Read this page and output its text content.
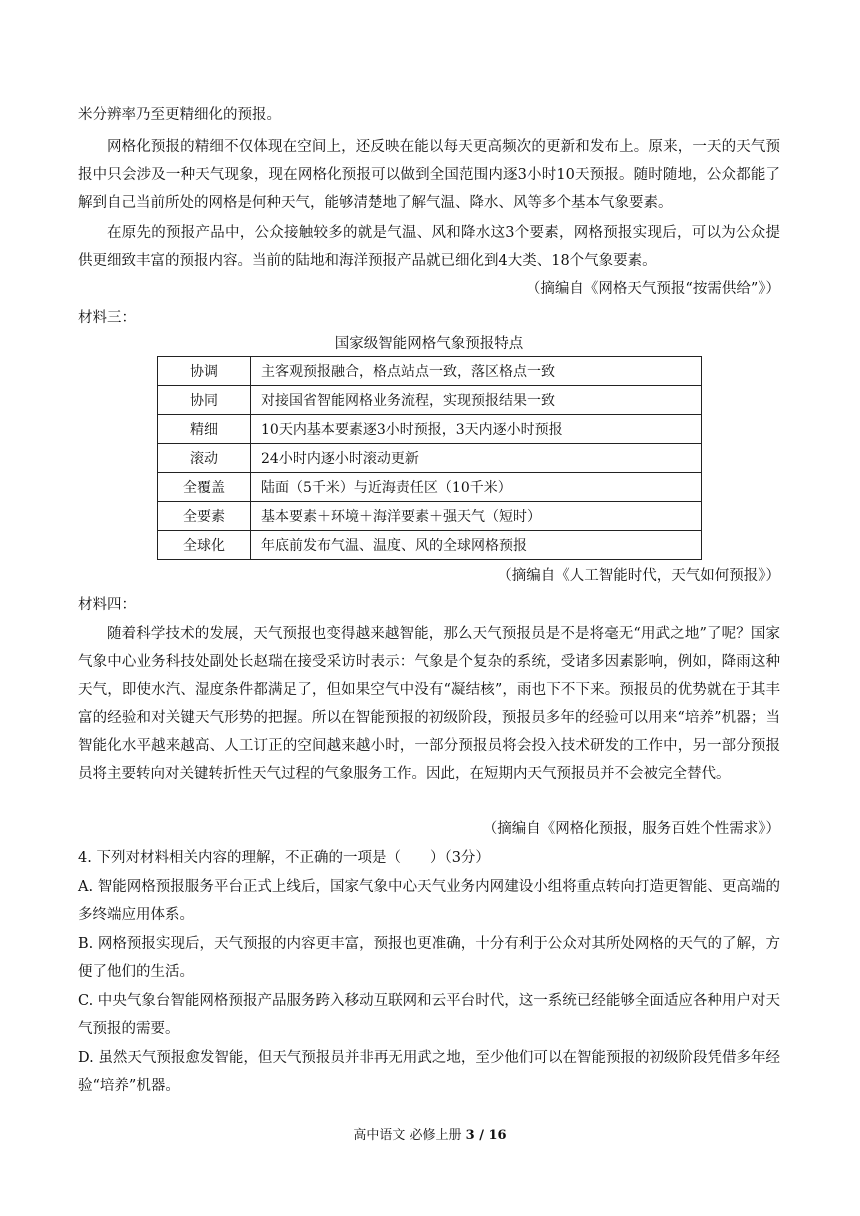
米分辨率乃至更精细化的预报。

网格化预报的精细不仅体现在空间上，还反映在能以每天更高频次的更新和发布上。原来，一天的天气预报中只会涉及一种天气现象，现在网格化预报可以做到全国范围内逐3小时10天预报。随时随地，公众都能了解到自己当前所处的网格是何种天气，能够清楚地了解气温、降水、风等多个基本气象要素。

在原先的预报产品中，公众接触较多的就是气温、风和降水这3个要素，网格预报实现后，可以为公众提供更细致丰富的预报内容。当前的陆地和海洋预报产品就已细化到4大类、18个气象要素。

（摘编自《网格天气预报“按需供给”》）

材料三：

国家级智能网格气象预报特点

协调	主客观预报融合，格点站点一致，落区格点一致
协同	对接国省智能网格业务流程，实现预报结果一致
精细	10天内基本要素逐3小时预报，3天内逐小时预报
滚动	24小时内逐小时滚动更新
全覆盖	陆面（5千米）与近海责任区（10千米）
全要素	基本要素＋环境＋海洋要素＋强天气（短时）
全球化	年底前发布气温、温度、风的全球网格预报

（摘编自《人工智能时代，天气如何预报》）

材料四：

随着科学技术的发展，天气预报也变得越来越智能，那么天气预报员是不是将毫无“用武之地”了呢？国家气象中心业务科技处副处长赵瑞在接受采访时表示：气象是个复杂的系统，受诸多因素影响，例如，降雨这种天气，即使水汽、湿度条件都满足了，但如果空气中没有“凝结核”，雨也下不下来。预报员的优势就在于其丰富的经验和对关键天气形势的把握。所以在智能预报的初级阶段，预报员多年的经验可以用来“培养”机器；当智能化水平越来越高、人工订正的空间越来越小时，一部分预报员将会投入技术研发的工作中，另一部分预报员将主要转向对关键转折性天气过程的气象服务工作。因此，在短期内天气预报员并不会被完全替代。

（摘编自《网格化预报，服务百姓个性需求》）

4. 下列对材料相关内容的理解，不正确的一项是（　　）（3分）

A. 智能网格预报服务平台正式上线后，国家气象中心天气业务内网建设小组将重点转向打造更智能、更高端的多终端应用体系。

B. 网格预报实现后，天气预报的内容更丰富，预报也更准确，十分有利于公众对其所处网格的天气的了解，方便了他们的生活。

C. 中央气象台智能网格预报产品服务跨入移动互联网和云平台时代，这一系统已经能够全面适应各种用户对天气预报的需要。

D. 虽然天气预报愈发智能，但天气预报员并非再无用武之地，至少他们可以在智能预报的初级阶段凭借多年经验“培养”机器。

高中语文 必修上册 3 / 16
